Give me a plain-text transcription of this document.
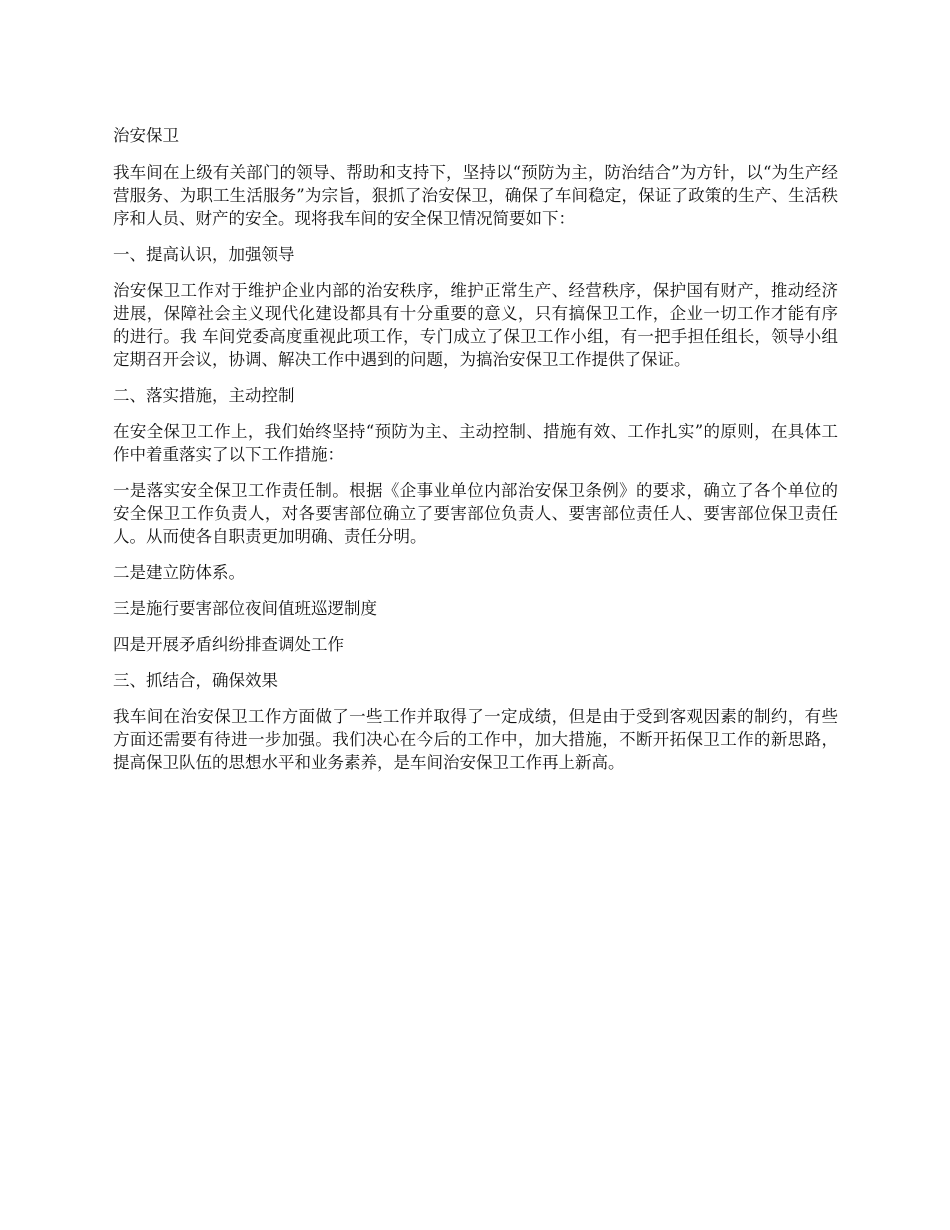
治安保卫

我车间在上级有关部门的领导、帮助和支持下，坚持以“预防为主，防治结合”为方针，以“为生产经营服务、为职工生活服务”为宗旨，狠抓了治安保卫，确保了车间稳定，保证了政策的生产、生活秩序和人员、财产的安全。现将我车间的安全保卫情况简要如下：

一、提高认识，加强领导

治安保卫工作对于维护企业内部的治安秩序，维护正常生产、经营秩序，保护国有财产，推动经济进展，保障社会主义现代化建设都具有十分重要的意义，只有搞保卫工作，企业一切工作才能有序的进行。我 车间党委高度重视此项工作，专门成立了保卫工作小组，有一把手担任组长，领导小组定期召开会议，协调、解决工作中遇到的问题，为搞治安保卫工作提供了保证。

二、落实措施，主动控制

在安全保卫工作上，我们始终坚持“预防为主、主动控制、措施有效、工作扎实”的原则，在具体工作中着重落实了以下工作措施：

一是落实安全保卫工作责任制。根据《企事业单位内部治安保卫条例》的要求，确立了各个单位的安全保卫工作负责人，对各要害部位确立了要害部位负责人、要害部位责任人、要害部位保卫责任人。从而使各自职责更加明确、责任分明。

二是建立防体系。

三是施行要害部位夜间值班巡逻制度

四是开展矛盾纠纷排查调处工作

三、抓结合，确保效果

我车间在治安保卫工作方面做了一些工作并取得了一定成绩，但是由于受到客观因素的制约，有些方面还需要有待进一步加强。我们决心在今后的工作中，加大措施，不断开拓保卫工作的新思路，提高保卫队伍的思想水平和业务素养，是车间治安保卫工作再上新高。
